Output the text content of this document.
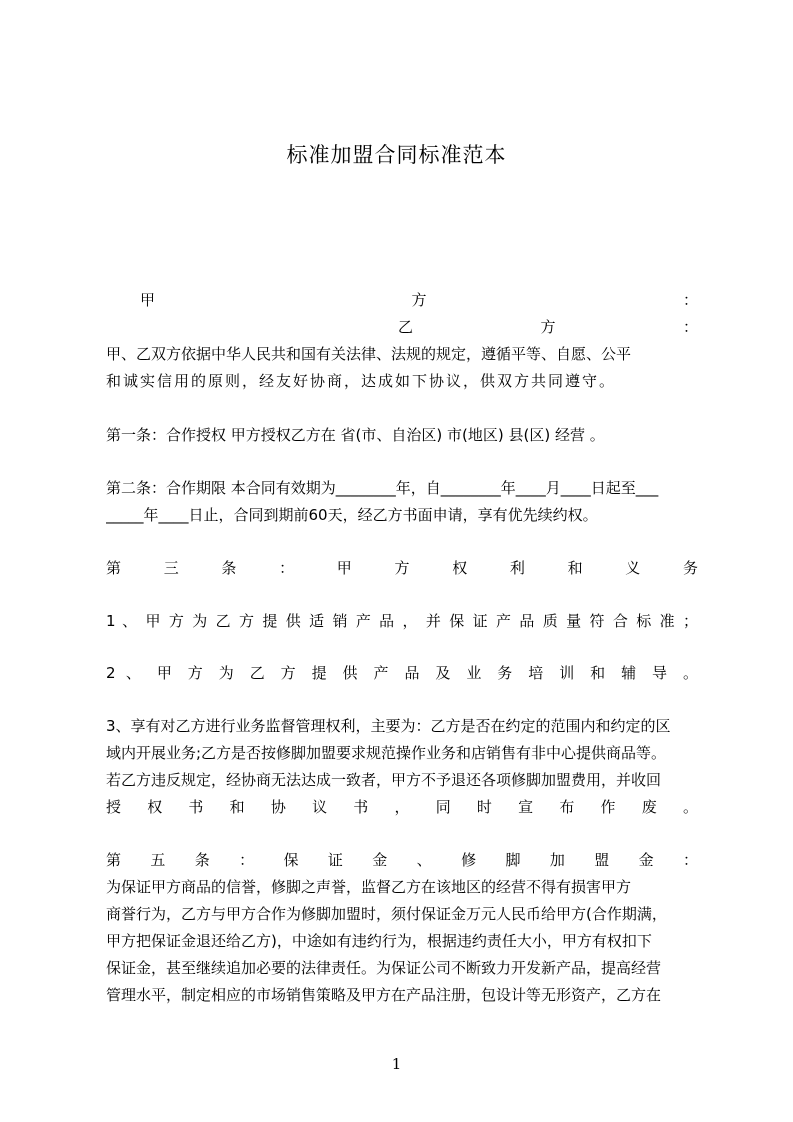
标准加盟合同标准范本
甲 方 ：
乙 方 ：
甲、乙双方依据中华人民共和国有关法律、法规的规定，遵循平等、自愿、公平
和诚实信用的原则，经友好协商，达成如下协议，供双方共同遵守。
第一条：合作授权 甲方授权乙方在 省(市、自治区) 市(地区) 县(区) 经营 。
第二条：合作期限 本合同有效期为________年，自________年____月____日起至___
_____年____日止，合同到期前60天，经乙方书面申请，享有优先续约权。
第 三 条 ： 甲 方 权 利 和 义 务
1 、 甲 方 为 乙 方 提 供 适 销 产 品 ， 并 保 证 产 品 质 量 符 合 标 准 ；
2 、 甲 方 为 乙 方 提 供 产 品 及 业 务 培 训 和 辅 导 。
3、享有对乙方进行业务监督管理权利，主要为：乙方是否在约定的范围内和约定的区
域内开展业务;乙方是否按修脚加盟要求规范操作业务和店销售有非中心提供商品等。
若乙方违反规定，经协商无法达成一致者，甲方不予退还各项修脚加盟费用，并收回
授 权 书 和 协 议 书 ， 同 时 宣 布 作 废 。
第 五 条 ： 保 证 金 、 修 脚 加 盟 金 ：
为保证甲方商品的信誉，修脚之声誉，监督乙方在该地区的经营不得有损害甲方
商誉行为，乙方与甲方合作为修脚加盟时，须付保证金万元人民币给甲方(合作期满，
甲方把保证金退还给乙方)，中途如有违约行为，根据违约责任大小，甲方有权扣下
保证金，甚至继续追加必要的法律责任。为保证公司不断致力开发新产品，提高经营
管理水平，制定相应的市场销售策略及甲方在产品注册，包设计等无形资产，乙方在
1
